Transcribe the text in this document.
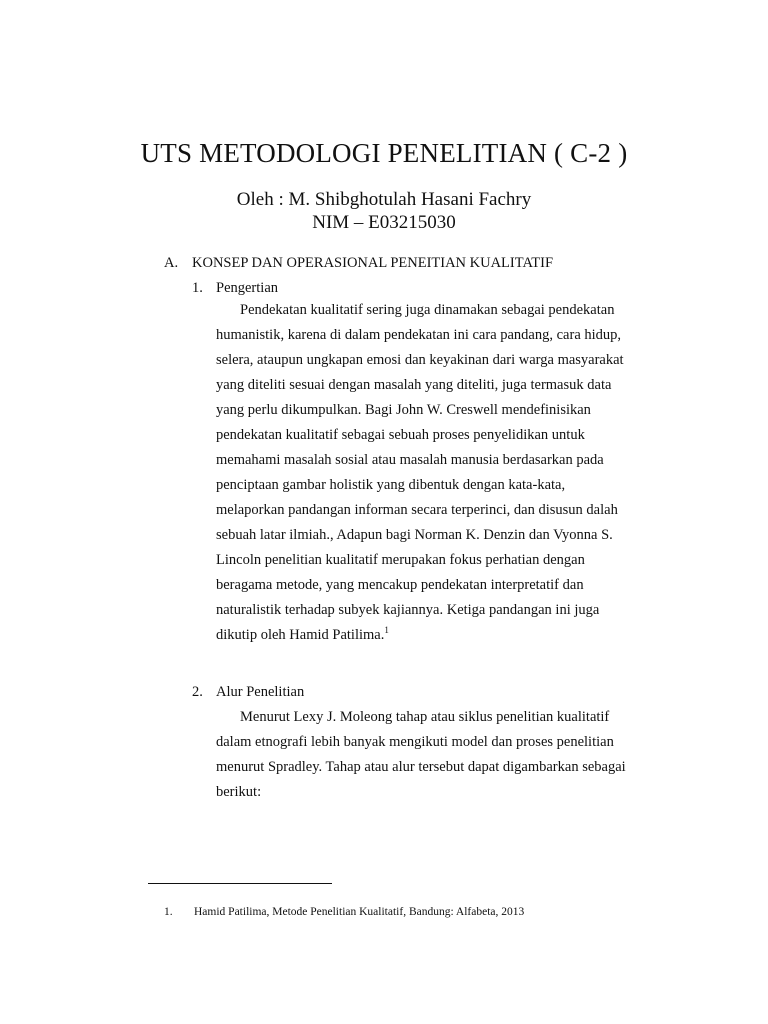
UTS METODOLOGI PENELITIAN ( C-2 )
Oleh : M. Shibghotulah Hasani Fachry
NIM – E03215030
A. KONSEP DAN OPERASIONAL PENEITIAN KUALITATIF
1. Pengertian
Pendekatan kualitatif sering juga dinamakan sebagai pendekatan
humanistik, karena di dalam pendekatan ini cara pandang, cara hidup,
selera, ataupun ungkapan emosi dan keyakinan dari warga masyarakat
yang diteliti sesuai dengan masalah yang diteliti, juga termasuk data
yang perlu dikumpulkan. Bagi John W. Creswell mendefinisikan
pendekatan kualitatif sebagai sebuah proses penyelidikan untuk
memahami masalah sosial atau masalah manusia berdasarkan pada
penciptaan gambar holistik yang dibentuk dengan kata-kata,
melaporkan pandangan informan secara terperinci, dan disusun dalah
sebuah latar ilmiah., Adapun bagi Norman K. Denzin dan Vyonna S.
Lincoln penelitian kualitatif merupakan fokus perhatian dengan
beragama metode, yang mencakup pendekatan interpretatif dan
naturalistik terhadap subyek kajiannya. Ketiga pandangan ini juga
dikutip oleh Hamid Patilima.$^1$
2. Alur Penelitian
Menurut Lexy J. Moleong tahap atau siklus penelitian kualitatif
dalam etnografi lebih banyak mengikuti model dan proses penelitian
menurut Spradley. Tahap atau alur tersebut dapat digambarkan sebagai
berikut:
1. Hamid Patilima, Metode Penelitian Kualitatif, Bandung: Alfabeta, 2013
